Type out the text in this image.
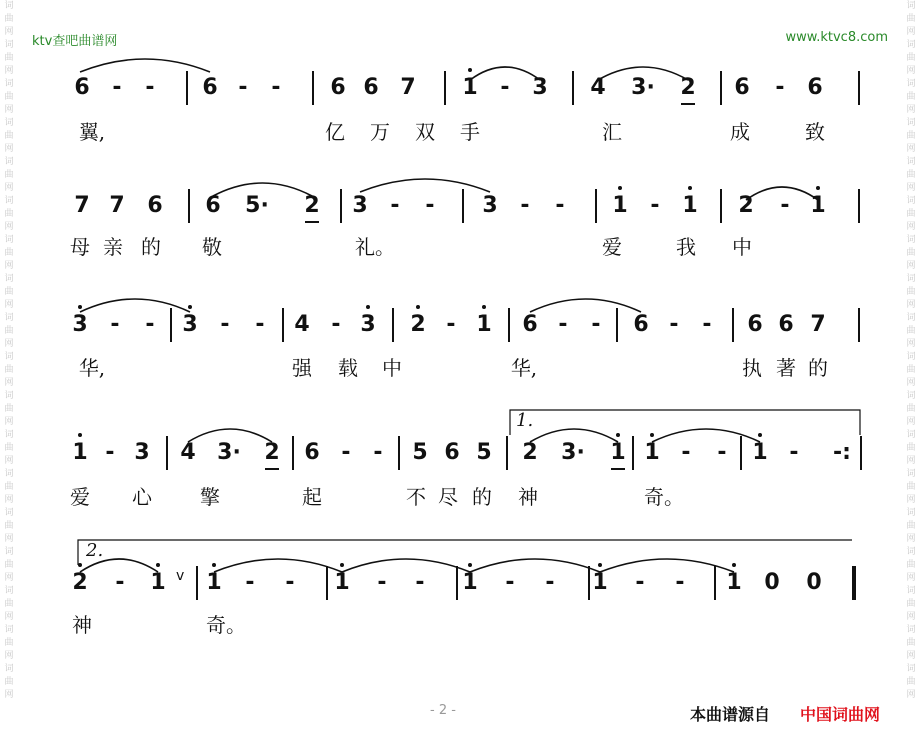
词曲网词曲网词曲网词曲网词曲网词曲网词曲网词曲网词曲网词曲网词曲网词曲网词曲网词曲网词曲网词曲网词曲网词曲网
词曲网词曲网词曲网词曲网词曲网词曲网词曲网词曲网词曲网词曲网词曲网词曲网词曲网词曲网词曲网词曲网词曲网词曲网
ktv查吧曲谱网	www.ktvc8.com
6 - - 6 - - 6 6 7 1 - 3 4 3· 2 6 - 6
翼,	亿 万 双 手	汇	成	致
7 7 6 6 5· 2 3 - - 3 - - 1 - 1 2 - 1
母 亲 的 敬	礼。	爱	我 中
3 - - 3 - - 4 - 3 2 - 1 6 - - 6 - - 6 6 7
华,	强 载 中	华,	执 著 的
1 - 3 4 3· 2 6 - - 5 6 5 2 3· 1 1 - - 1 - -:
爱 心 擎	起	不 尽 的 神	奇。
2 - 1 1 - - 1 - - 1 - - 1 - - 1 0 0
神	奇。
1.
2.
- 2 -	本曲谱源自 中国词曲网
v
